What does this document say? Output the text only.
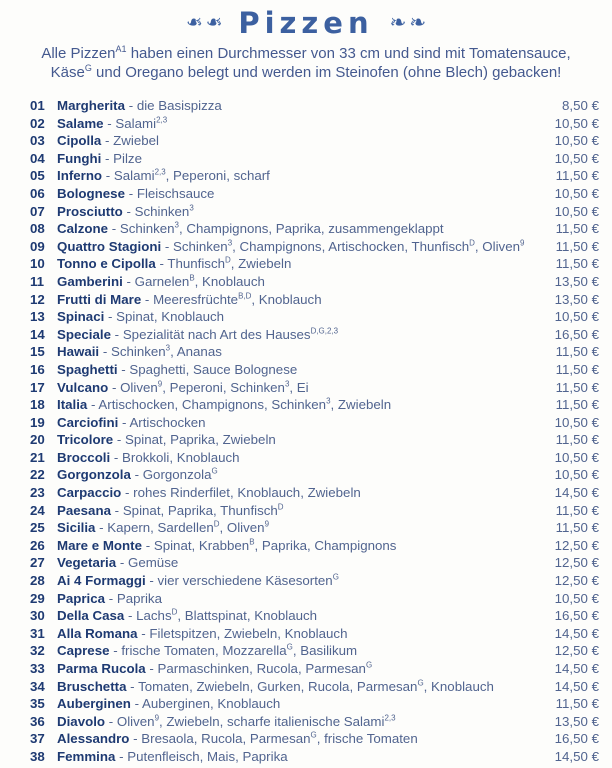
❧❧ Pizzen ❧❧
Alle Pizzen$^{A1}$ haben einen Durchmesser von 33 cm und sind mit Tomatensauce,
Käse$^G$ und Oregano belegt und werden im Steinofen (ohne Blech) gebacken!
01 Margherita - die Basispizza	8,50 €
02 Salame - Salami$^{2,3}$	10,50 €
03 Cipolla - Zwiebel	10,50 €
04 Funghi - Pilze	10,50 €
05 Inferno - Salami$^{2,3}$, Peperoni, scharf	11,50 €
06 Bolognese - Fleischsauce	10,50 €
07 Prosciutto - Schinken$^3$	10,50 €
08 Calzone - Schinken$^3$, Champignons, Paprika, zusammengeklappt	11,50 €
09 Quattro Stagioni - Schinken$^3$, Champignons, Artischocken, Thunfisch$^D$, Oliven$^9$	11,50 €
10 Tonno e Cipolla - Thunfisch$^D$, Zwiebeln	11,50 €
11 Gamberini - Garnelen$^B$, Knoblauch	13,50 €
12 Frutti di Mare - Meeresfrüchte$^{B,D}$, Knoblauch	13,50 €
13 Spinaci - Spinat, Knoblauch	10,50 €
14 Speciale - Spezialität nach Art des Hauses$^{D,G,2,3}$	16,50 €
15 Hawaii - Schinken$^3$, Ananas	11,50 €
16 Spaghetti - Spaghetti, Sauce Bolognese	11,50 €
17 Vulcano - Oliven$^9$, Peperoni, Schinken$^3$, Ei	11,50 €
18 Italia - Artischocken, Champignons, Schinken$^3$, Zwiebeln	11,50 €
19 Carciofini - Artischocken	10,50 €
20 Tricolore - Spinat, Paprika, Zwiebeln	11,50 €
21 Broccoli - Brokkoli, Knoblauch	10,50 €
22 Gorgonzola - Gorgonzola$^G$	10,50 €
23 Carpaccio - rohes Rinderfilet, Knoblauch, Zwiebeln	14,50 €
24 Paesana - Spinat, Paprika, Thunfisch$^D$	11,50 €
25 Sicilia - Kapern, Sardellen$^D$, Oliven$^9$	11,50 €
26 Mare e Monte - Spinat, Krabben$^B$, Paprika, Champignons	12,50 €
27 Vegetaria - Gemüse	12,50 €
28 Ai 4 Formaggi - vier verschiedene Käsesorten$^G$	12,50 €
29 Paprica - Paprika	10,50 €
30 Della Casa - Lachs$^D$, Blattspinat, Knoblauch	16,50 €
31 Alla Romana - Filetspitzen, Zwiebeln, Knoblauch	14,50 €
32 Caprese - frische Tomaten, Mozzarella$^G$, Basilikum	12,50 €
33 Parma Rucola - Parmaschinken, Rucola, Parmesan$^G$	14,50 €
34 Bruschetta - Tomaten, Zwiebeln, Gurken, Rucola, Parmesan$^G$, Knoblauch	14,50 €
35 Auberginen - Auberginen, Knoblauch	11,50 €
36 Diavolo - Oliven$^9$, Zwiebeln, scharfe italienische Salami$^{2,3}$	13,50 €
37 Alessandro - Bresaola, Rucola, Parmesan$^G$, frische Tomaten	16,50 €
38 Femmina - Putenfleisch, Mais, Paprika	14,50 €
